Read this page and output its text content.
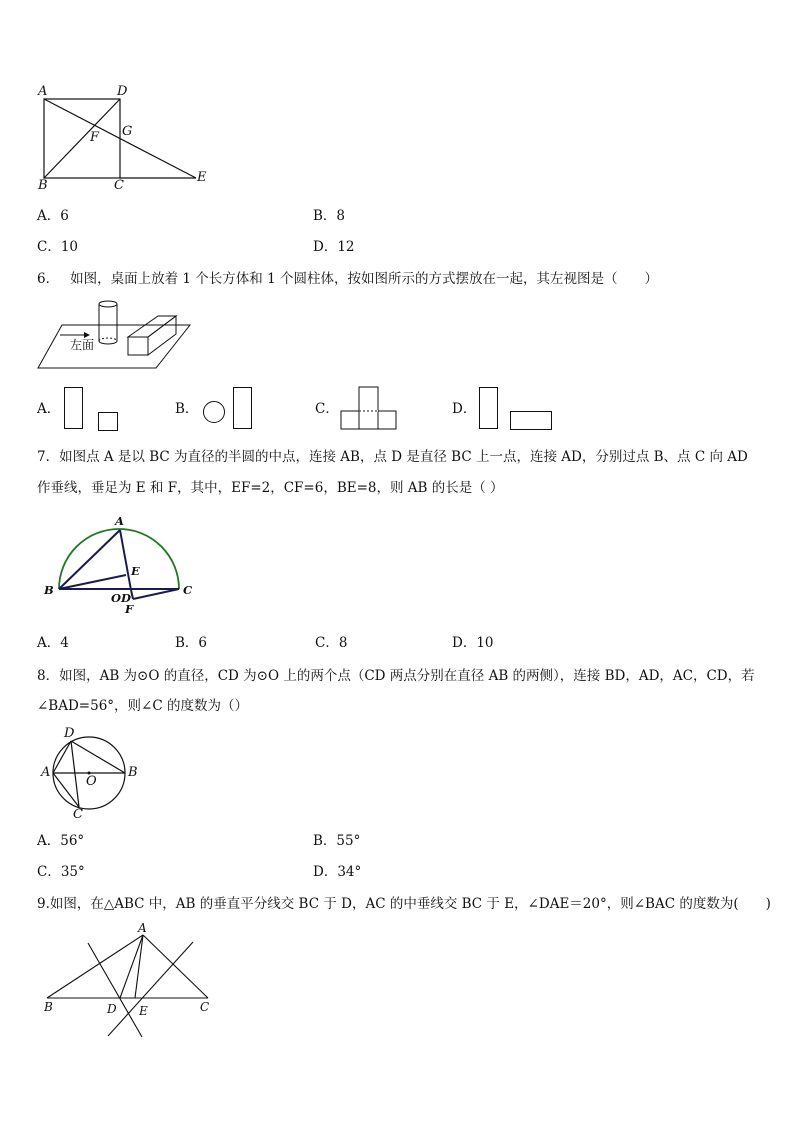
A	D
F G
B	C
E
A．6	B．8
C．10	D．12
6．　 如图，桌面上放着 1 个长方体和 1 个圆柱体，按如图所示的方式摆放在一起，其左视图是（　　）
左面
A．	B．	C．	D．
7．如图点 A 是以 BC 为直径的半圆的中点，连接 AB，点 D 是直径 BC 上一点，连接 AD，分别过点 B、点 C 向 AD
作垂线，垂足为 E 和 F，其中，EF=2，CF=6，BE=8，则 AB 的长是（ ）
A
B	C
E
OD
F
A．4	B．6	C．8	D．10
8．如图，AB 为⊙O 的直径，CD 为⊙O 上的两个点（CD 两点分别在直径 AB 的两侧），连接 BD，AD，AC，CD，若
∠BAD=56°，则∠C 的度数为（）
D
A
O
B
C
A．56°	B．55°
C．35°	D．34°
9.如图，在△ABC 中，AB 的垂直平分线交 BC 于 D，AC 的中垂线交 BC 于 E，∠DAE＝20°，则∠BAC 的度数为(　　)
A
B	D E	C
